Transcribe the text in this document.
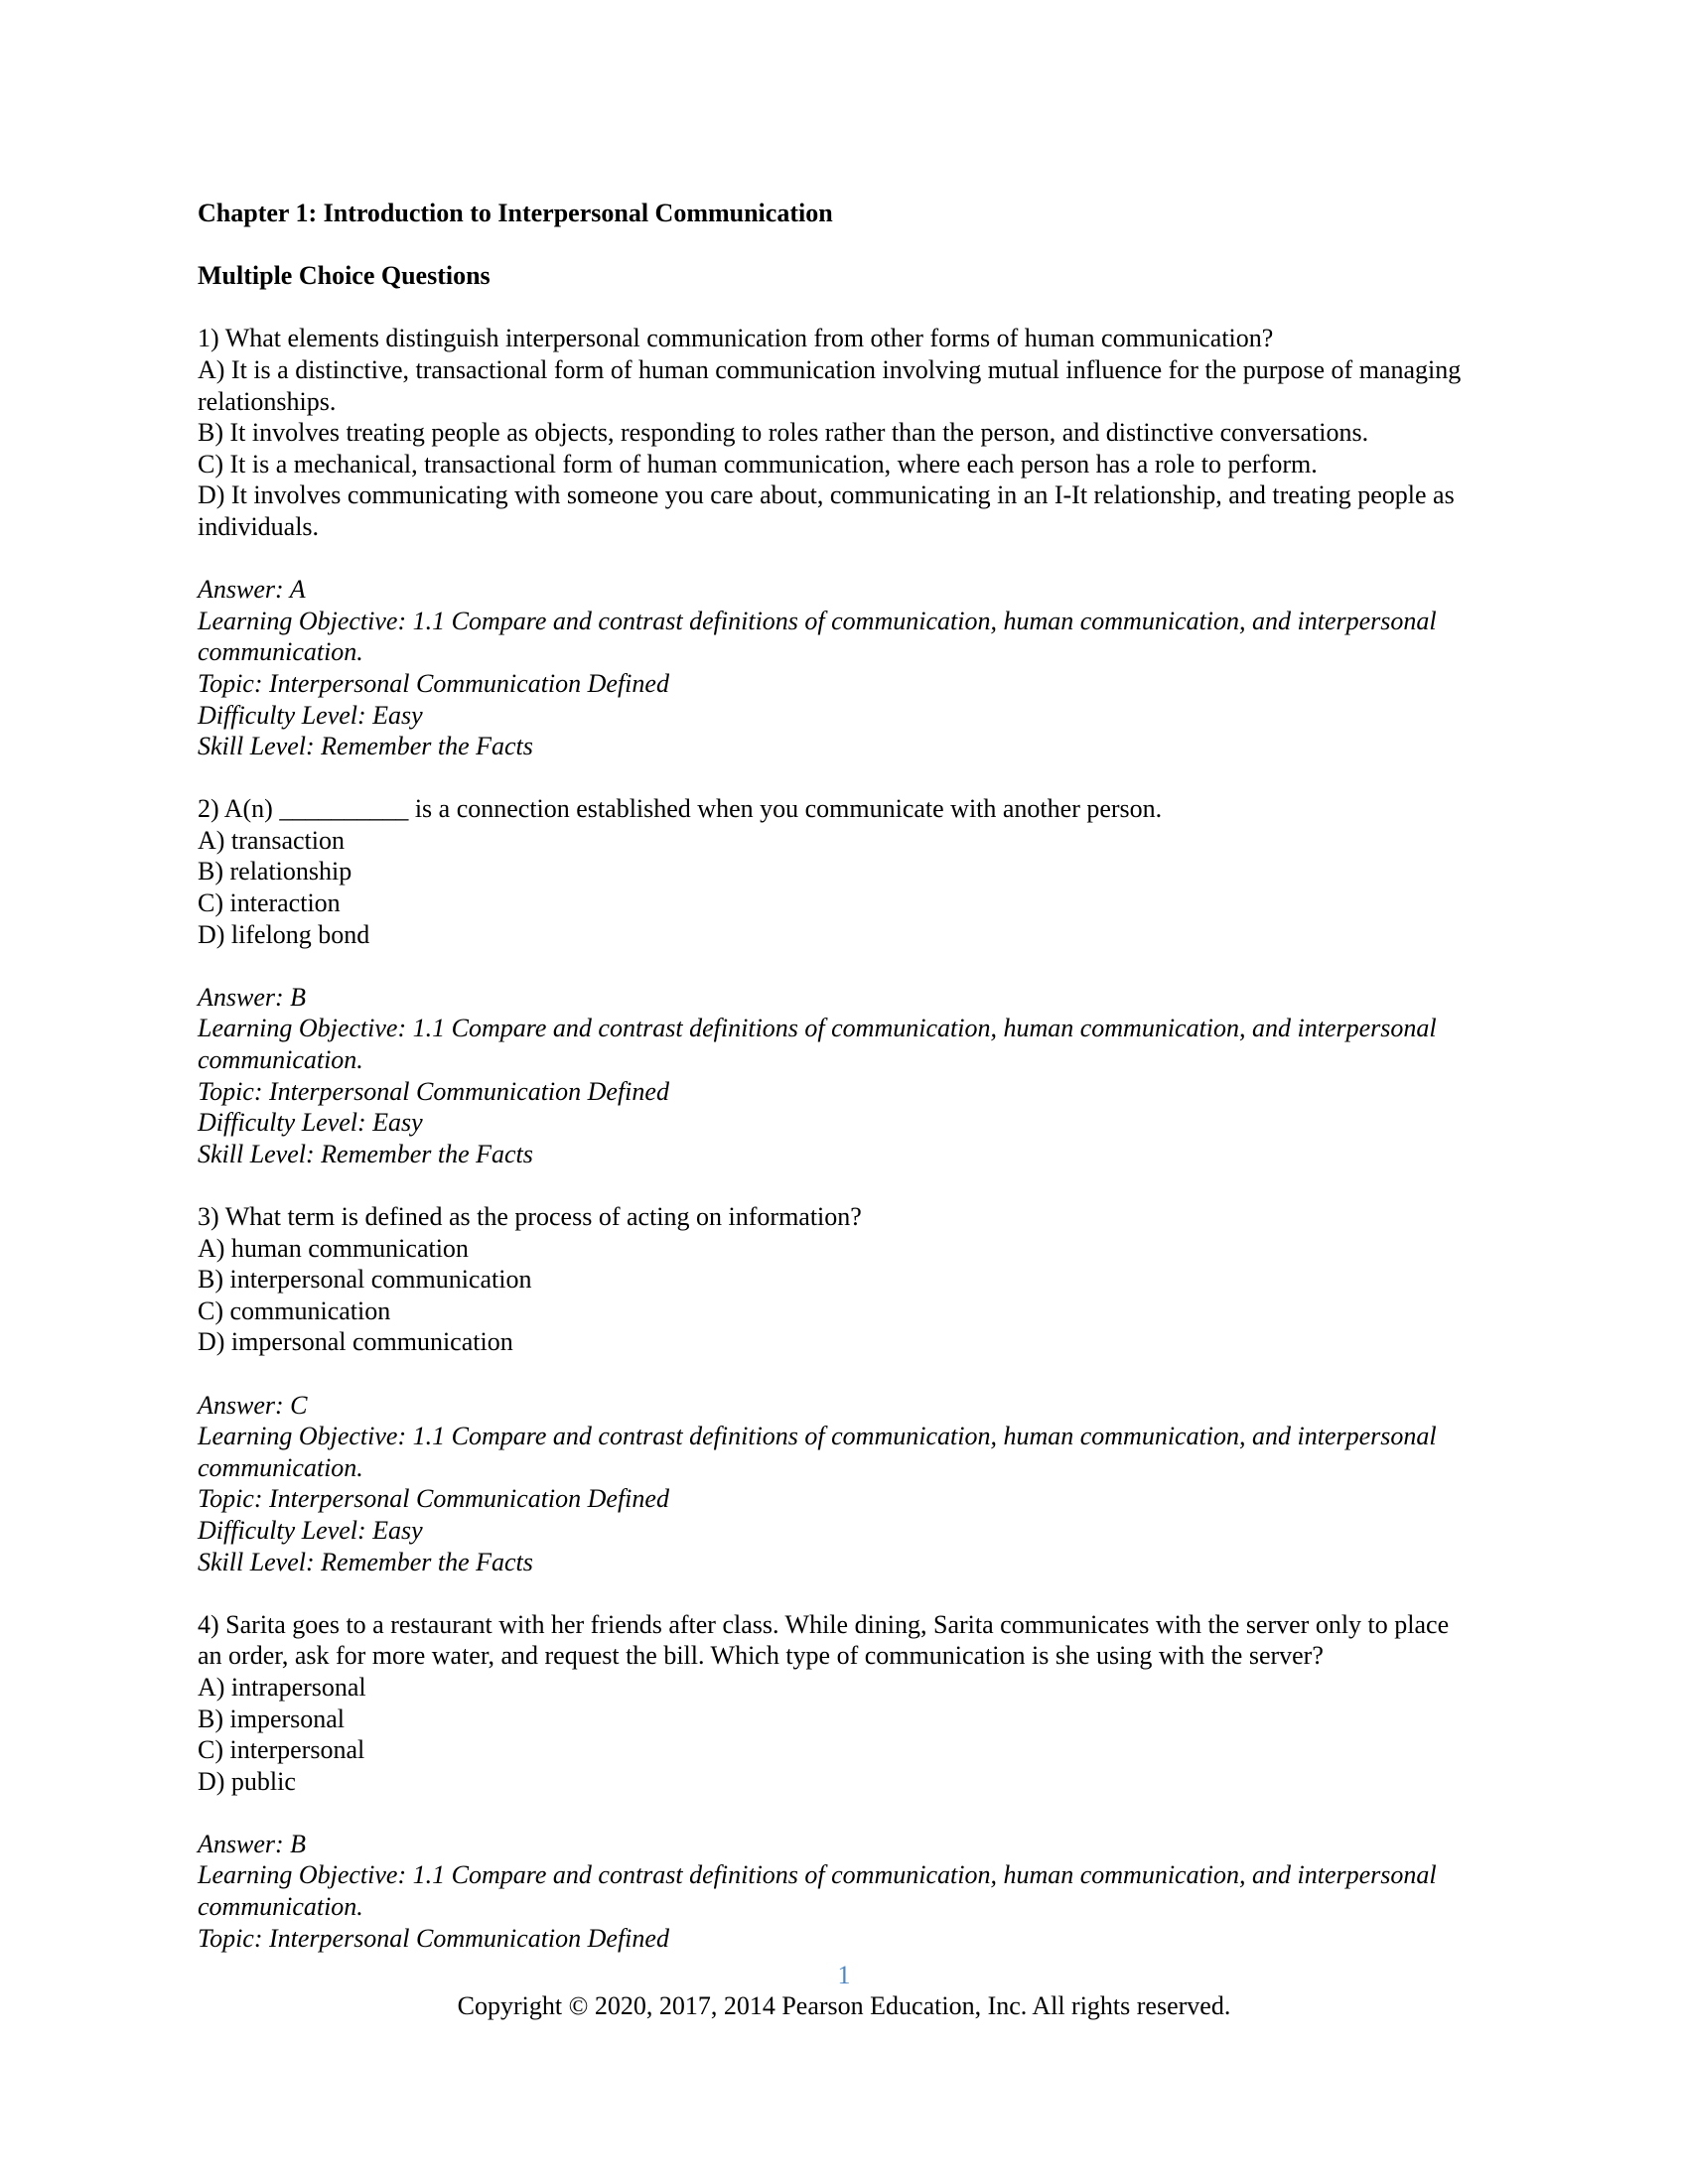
Chapter 1: Introduction to Interpersonal Communication

Multiple Choice Questions

1) What elements distinguish interpersonal communication from other forms of human communication?

A) It is a distinctive, transactional form of human communication involving mutual influence for the purpose of managing relationships.

B) It involves treating people as objects, responding to roles rather than the person, and distinctive conversations.

C) It is a mechanical, transactional form of human communication, where each person has a role to perform.

D) It involves communicating with someone you care about, communicating in an I-It relationship, and treating people as individuals.

Answer: A

Learning Objective: 1.1 Compare and contrast definitions of communication, human communication, and interpersonal communication.

Topic: Interpersonal Communication Defined

Difficulty Level: Easy

Skill Level: Remember the Facts

2) A(n) __________ is a connection established when you communicate with another person.

A) transaction

B) relationship

C) interaction

D) lifelong bond

Answer: B

Learning Objective: 1.1 Compare and contrast definitions of communication, human communication, and interpersonal communication.

Topic: Interpersonal Communication Defined

Difficulty Level: Easy

Skill Level: Remember the Facts

3) What term is defined as the process of acting on information?

A) human communication

B) interpersonal communication

C) communication

D) impersonal communication

Answer: C

Learning Objective: 1.1 Compare and contrast definitions of communication, human communication, and interpersonal communication.

Topic: Interpersonal Communication Defined

Difficulty Level: Easy

Skill Level: Remember the Facts

4) Sarita goes to a restaurant with her friends after class. While dining, Sarita communicates with the server only to place an order, ask for more water, and request the bill. Which type of communication is she using with the server?

A) intrapersonal

B) impersonal

C) interpersonal

D) public

Answer: B

Learning Objective: 1.1 Compare and contrast definitions of communication, human communication, and interpersonal communication.

Topic: Interpersonal Communication Defined

1
Copyright © 2020, 2017, 2014 Pearson Education, Inc. All rights reserved.
